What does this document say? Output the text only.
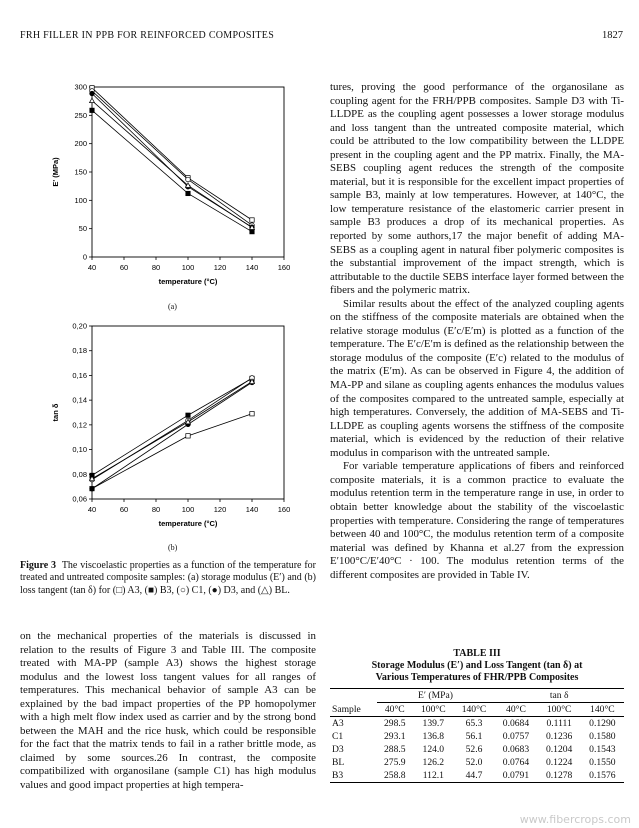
FRH FILLER IN PPB FOR REINFORCED COMPOSITES	1827
40	60	80	100	120	140	160
0
50
100
150
200
250
300
temperature (°C)
E' (MPa)
(a)
40	60	80	100	120	140	160
0,06
0,08
0,10
0,12
0,14
0,16
0,18
0,20
temperature (°C)
tan δ
(b)
Figure 3 The viscoelastic properties as a function of the temperature for treated and untreated composite samples: (a) storage modulus (E′) and (b) loss tangent (tan δ) for (□) A3, (■) B3, (○) C1, (●) D3, and (△) BL.

on the mechanical properties of the materials is discussed in relation to the results of Figure 3 and Table III. The composite treated with MA-PP (sample A3) shows the highest storage modulus and the lowest loss tangent values for all ranges of temperatures. This mechanical behavior of sample A3 can be explained by the bad impact properties of the PP homopolymer with a high melt flow index used as carrier and by the strong bond between the MAH and the rice husk, which could be responsible for the fact that the matrix tends to fail in a rather brittle mode, as claimed by some sources.26 In contrast, the composite compatibilized with organosilane (sample C1) has high modulus values and good impact properties at high tempera-

tures, proving the good performance of the organosilane as coupling agent for the FRH/PPB composites. Sample D3 with Ti-LLDPE as the coupling agent possesses a lower storage modulus and loss tangent than the untreated composite material, which could be attributed to the low compatibility between the LLDPE present in the coupling agent and the PP matrix. Finally, the MA-SEBS coupling agent reduces the strength of the composite material, but it is responsible for the excellent impact properties of sample B3, mainly at low temperatures. However, at 140°C, the low temperature resistance of the elastomeric carrier present in sample B3 produces a drop of its mechanical properties. As reported by some authors,17 the major benefit of adding MA-SEBS as a coupling agent in natural fiber polymeric composites is the substantial improvement of the impact strength, which is attributable to the ductile SEBS interface layer formed between the fibers and the polymeric matrix.

Similar results about the effect of the analyzed coupling agents on the stiffness of the composite materials are obtained when the relative storage modulus (E′c/E′m) is plotted as a function of the temperature. The E′c/E′m is defined as the relationship between the storage modulus of the composite (E′c) related to the modulus of the matrix (E′m). As can be observed in Figure 4, the addition of MA-PP and silane as coupling agents enhances the modulus values of the composites compared to the untreated sample, especially at high temperatures. Conversely, the addition of MA-SEBS and Ti-LLDPE as coupling agents worsens the stiffness of the composite material, which is evidenced by the reduction of their relative modulus in comparison with the untreated sample.

For variable temperature applications of fibers and reinforced composite materials, it is a common practice to evaluate the modulus retention term in the temperature range in use, in order to obtain better knowledge about the stability of the viscoelastic properties with temperature. Considering the range of temperatures between 40 and 100°C, the modulus retention term of a composite material was defined by Khanna et al.27 from the expression E′100°C/E′40°C · 100. The modulus retention terms of the different composites are provided in Table IV.

TABLE III
Storage Modulus (E′) and Loss Tangent (tan δ) at
Various Temperatures of FHR/PPB Composites
	E′ (MPa)			tan δ		
Sample	40°C	100°C	140°C	40°C	100°C	140°C
A3	298.5	139.7	65.3	0.0684	0.1111	0.1290
C1	293.1	136.8	56.1	0.0757	0.1236	0.1580
D3	288.5	124.0	52.6	0.0683	0.1204	0.1543
BL	275.9	126.2	52.0	0.0764	0.1224	0.1550
B3	258.8	112.1	44.7	0.0791	0.1278	0.1576
www.fibercrops.com
